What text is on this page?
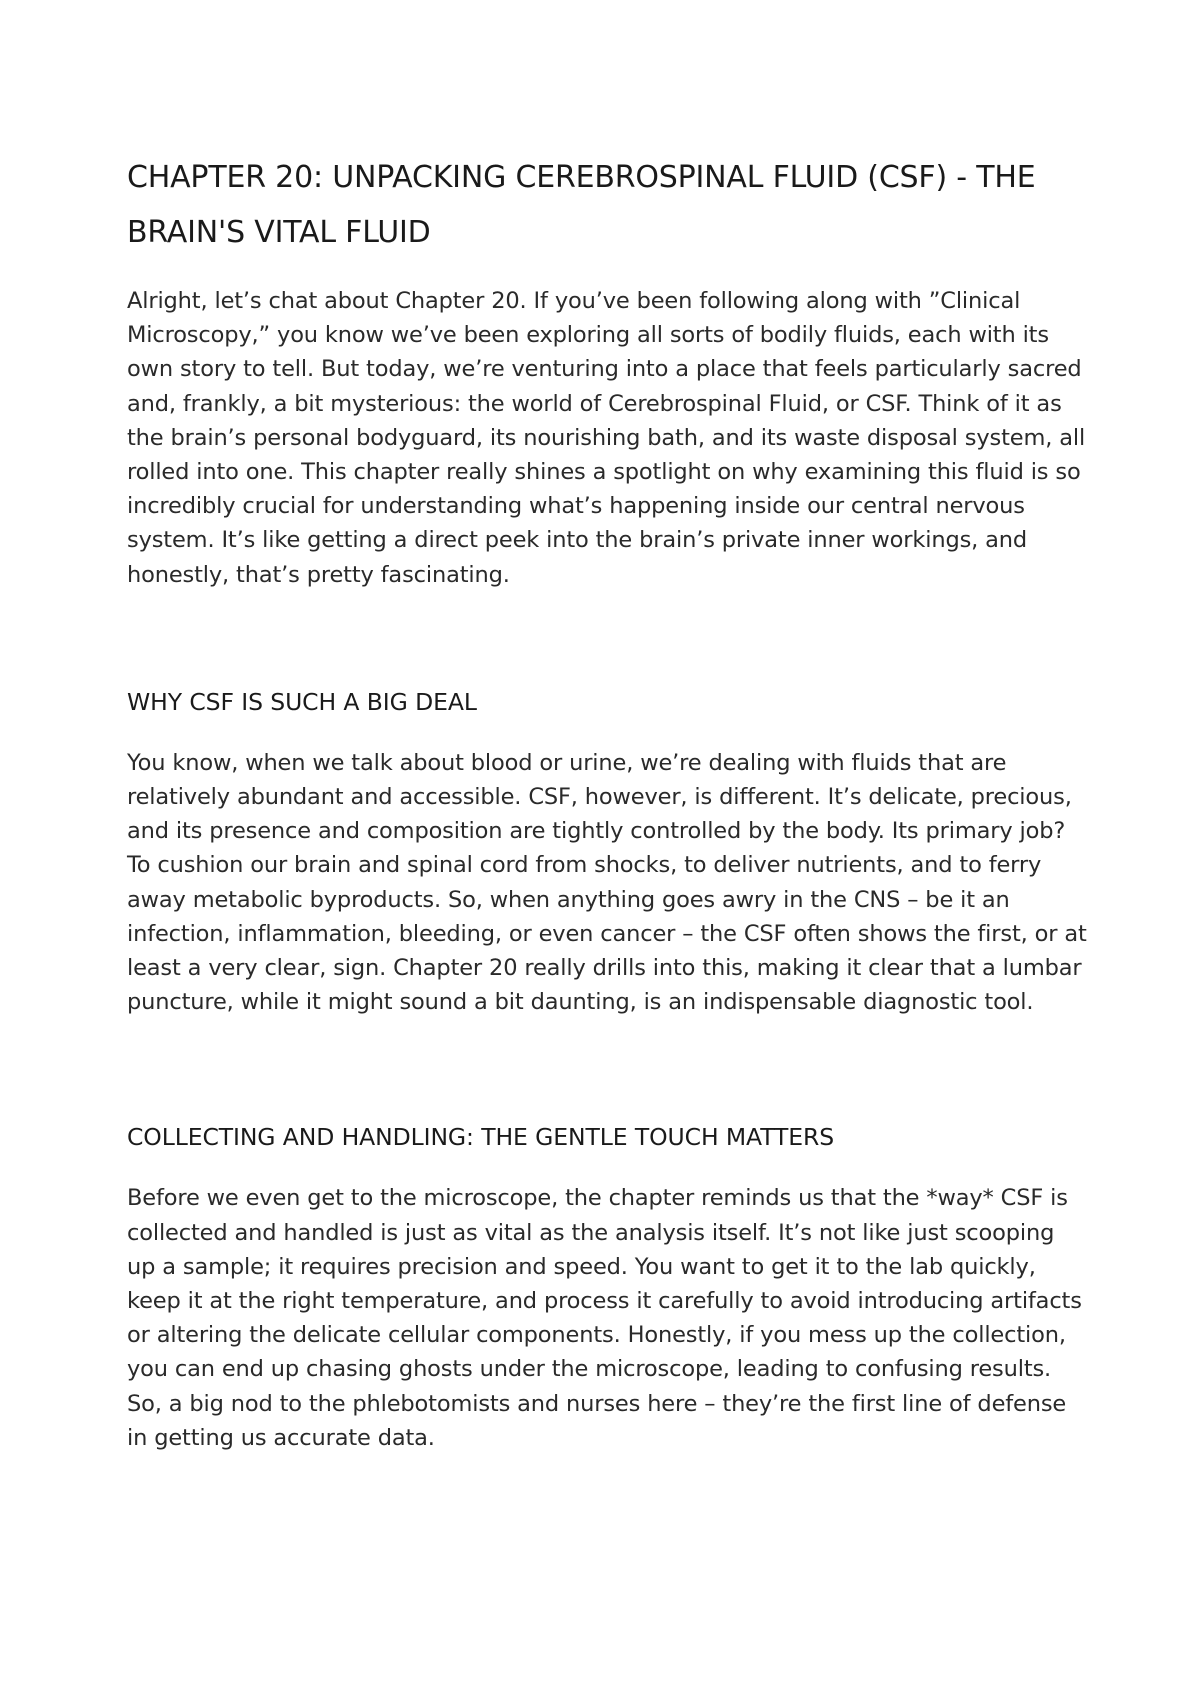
CHAPTER 20: UNPACKING CEREBROSPINAL FLUID (CSF) - THE BRAIN'S VITAL FLUID

Alright, let’s chat about Chapter 20. If you’ve been following along with ”Clinical Microscopy,” you know we’ve been exploring all sorts of bodily fluids, each with its own story to tell. But today, we’re venturing into a place that feels particularly sacred and, frankly, a bit mysterious: the world of Cerebrospinal Fluid, or CSF. Think of it as the brain’s personal bodyguard, its nourishing bath, and its waste disposal system, all rolled into one. This chapter really shines a spotlight on why examining this fluid is so incredibly crucial for understanding what’s happening inside our central nervous system. It’s like getting a direct peek into the brain’s private inner workings, and honestly, that’s pretty fascinating.

WHY CSF IS SUCH A BIG DEAL

You know, when we talk about blood or urine, we’re dealing with fluids that are relatively abundant and accessible. CSF, however, is different. It’s delicate, precious, and its presence and composition are tightly controlled by the body. Its primary job? To cushion our brain and spinal cord from shocks, to deliver nutrients, and to ferry away metabolic byproducts. So, when anything goes awry in the CNS – be it an infection, inflammation, bleeding, or even cancer – the CSF often shows the first, or at least a very clear, sign. Chapter 20 really drills into this, making it clear that a lumbar puncture, while it might sound a bit daunting, is an indispensable diagnostic tool.

COLLECTING AND HANDLING: THE GENTLE TOUCH MATTERS

Before we even get to the microscope, the chapter reminds us that the *way* CSF is collected and handled is just as vital as the analysis itself. It’s not like just scooping up a sample; it requires precision and speed. You want to get it to the lab quickly, keep it at the right temperature, and process it carefully to avoid introducing artifacts or altering the delicate cellular components. Honestly, if you mess up the collection, you can end up chasing ghosts under the microscope, leading to confusing results. So, a big nod to the phlebotomists and nurses here – they’re the first line of defense in getting us accurate data.
